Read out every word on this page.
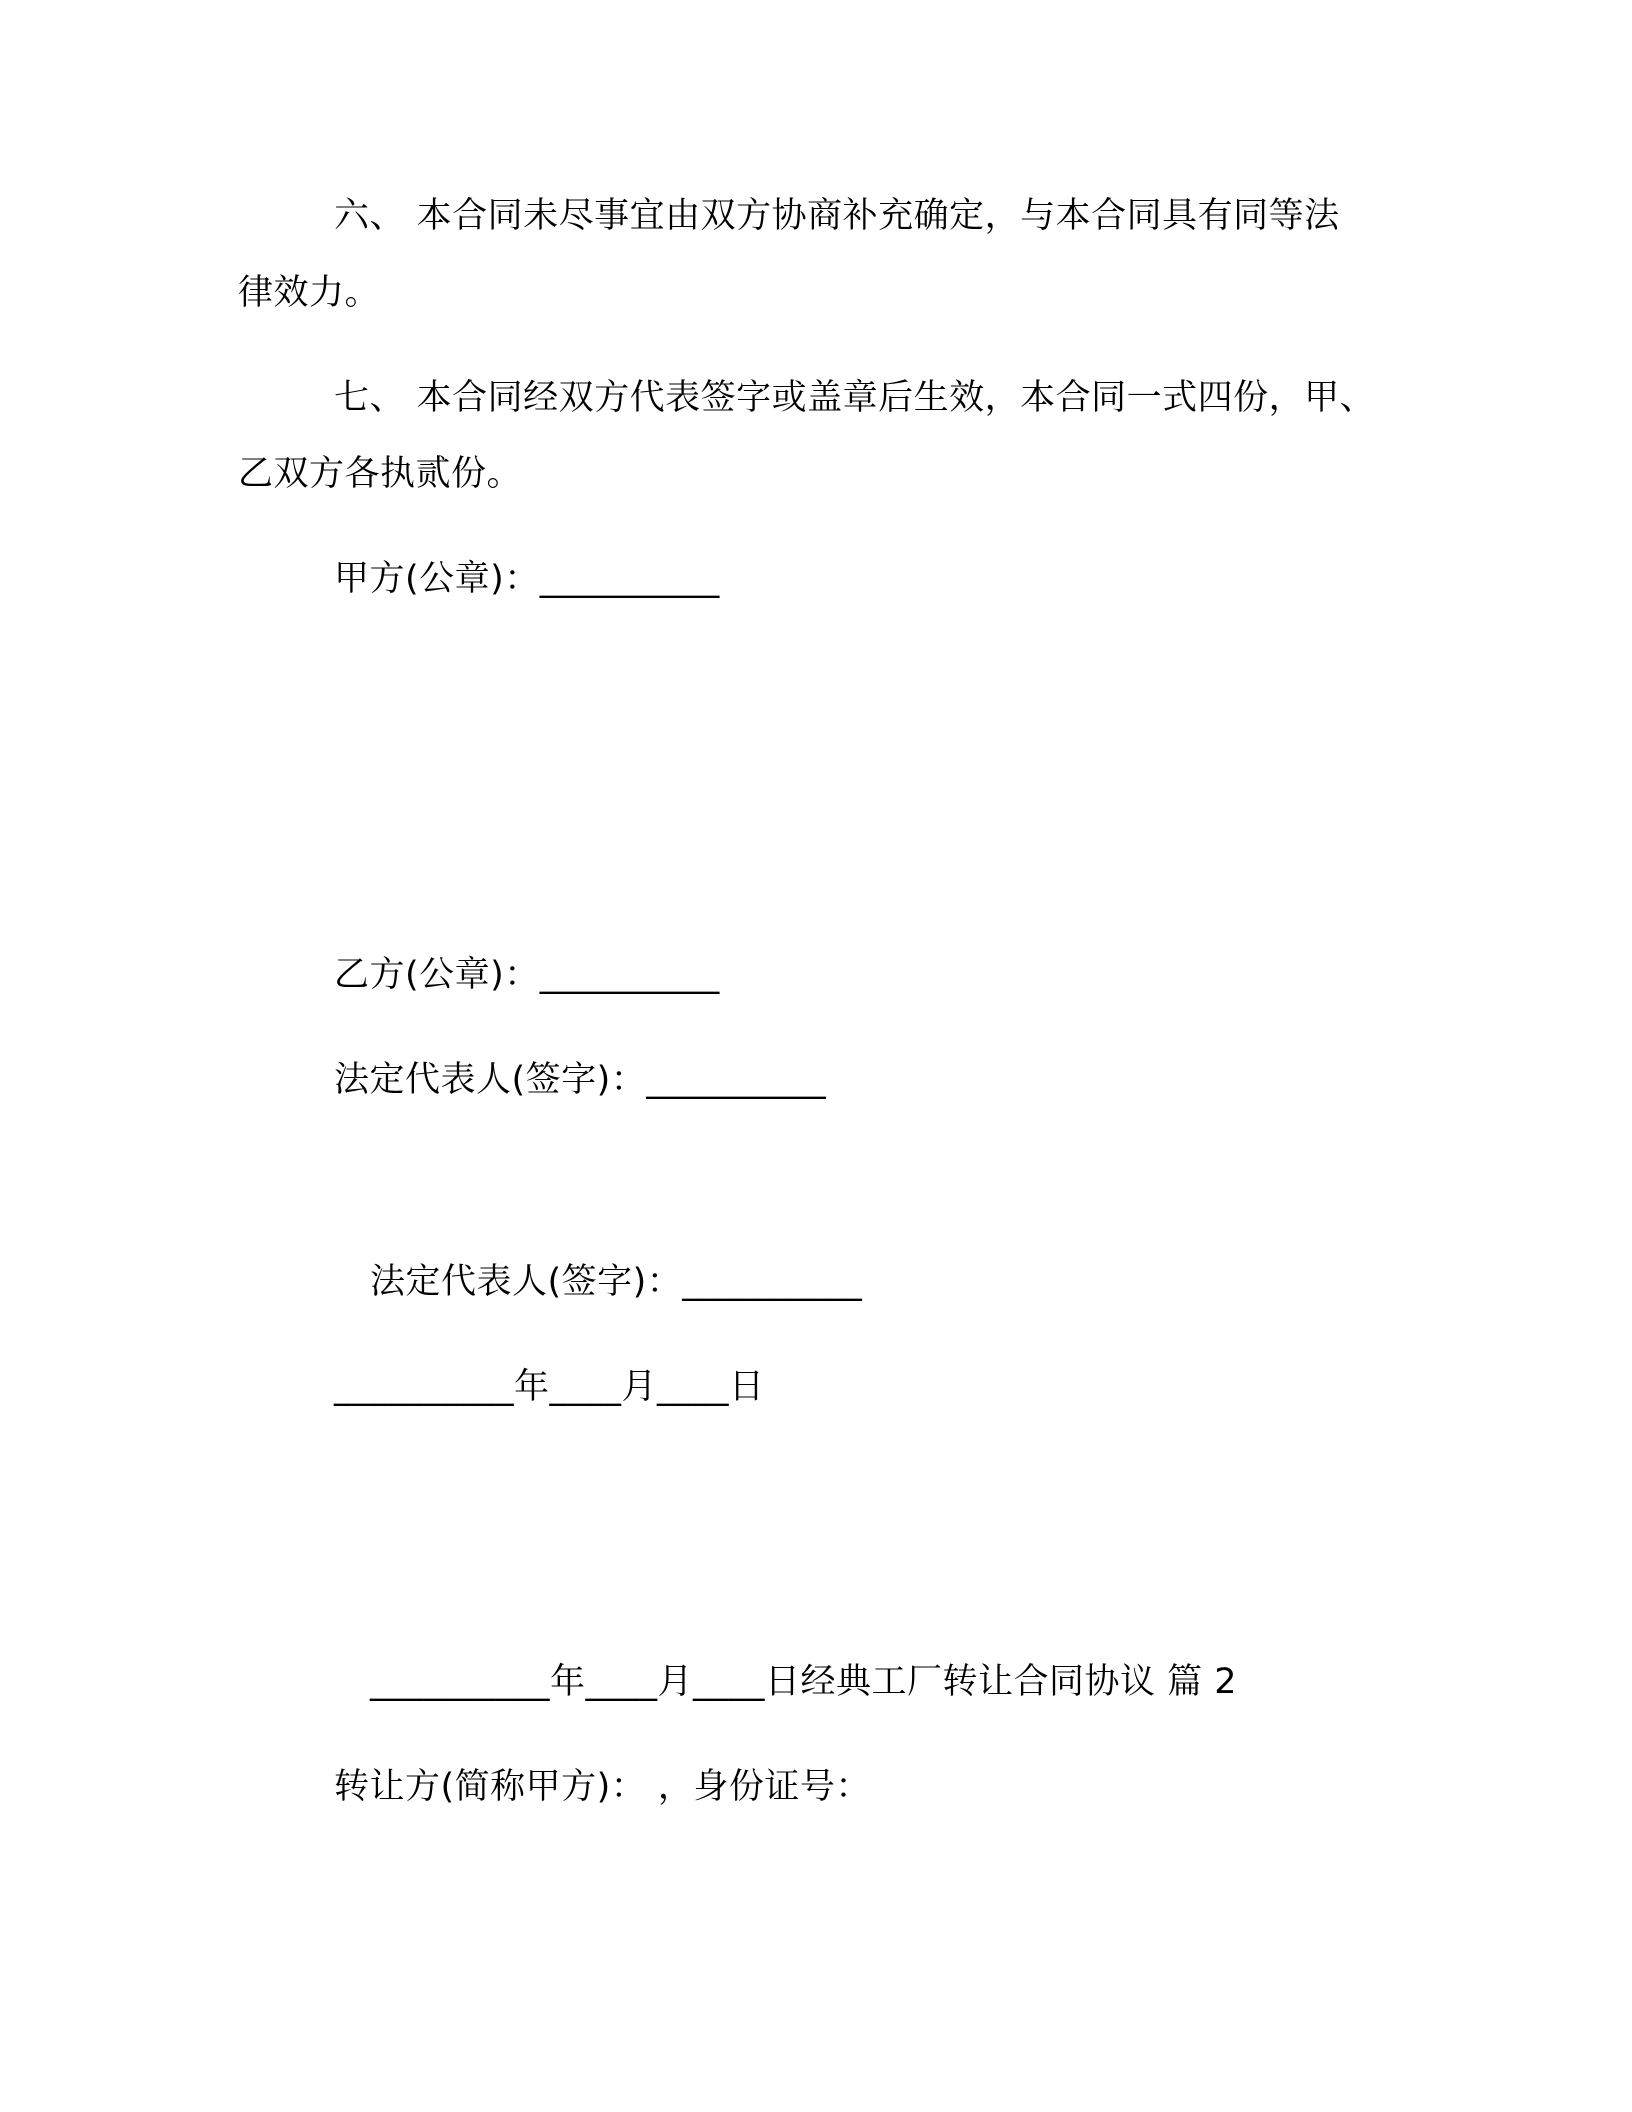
六、 本合同未尽事宜由双方协商补充确定，与本合同具有同等法
律效力。
七、 本合同经双方代表签字或盖章后生效，本合同一式四份，甲、
乙双方各执贰份。
甲方(公章)：__________
乙方(公章)：__________
法定代表人(签字)：__________
法定代表人(签字)：__________
__________年____月____日
__________年____月____日经典工厂转让合同协议 篇 2
转让方(简称甲方)： ，身份证号：
